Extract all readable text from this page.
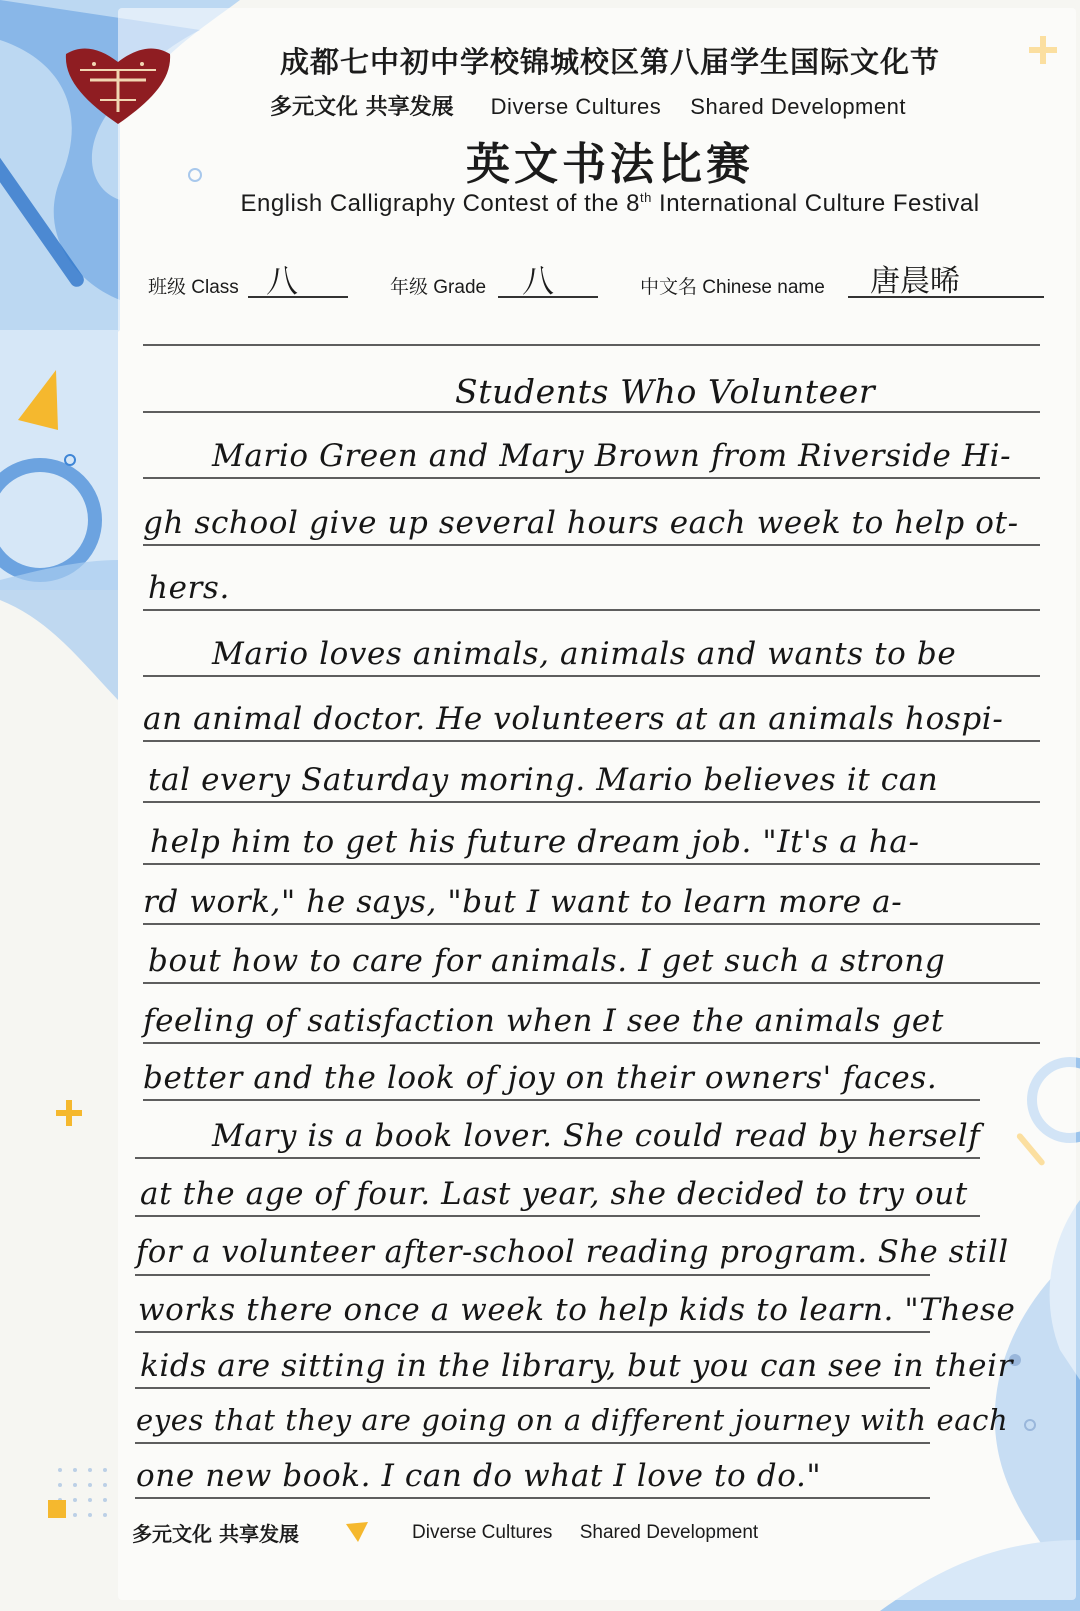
成都七中初中学校锦城校区第八届学生国际文化节
多元文化 共享发展 Diverse Cultures Shared Development
英文书法比赛
English Calligraphy Contest of the 8th International Culture Festival
班级 Class 八	年级 Grade 八	中文名 Chinese name 唐晨晞
Students Who Volunteer
Mario Green and Mary Brown from Riverside Hi-
gh school give up several hours each week to help ot-
hers.
Mario loves animals, animals and wants to be
an animal doctor. He volunteers at an animals hospi-
tal every Saturday moring. Mario believes it can
help him to get his future dream job. "It's a ha-
rd work," he says, "but I want to learn more a-
bout how to care for animals. I get such a strong
feeling of satisfaction when I see the animals get
better and the look of joy on their owners' faces.
Mary is a book lover. She could read by herself
at the age of four. Last year, she decided to try out
for a volunteer after-school reading program. She still
works there once a week to help kids to learn. "These
kids are sitting in the library, but you can see in their
eyes that they are going on a different journey with each
one new book. I can do what I love to do."
多元文化 共享发展	Diverse Cultures Shared Development
